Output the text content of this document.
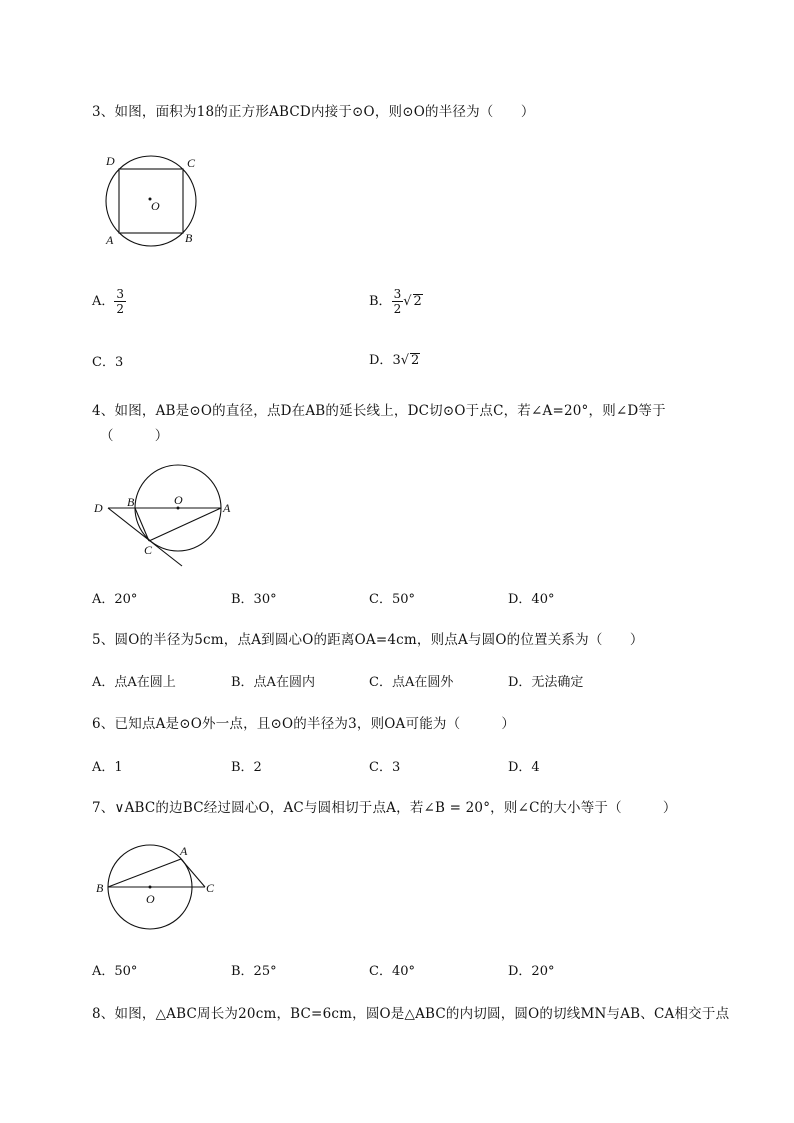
3、如图，面积为18的正方形ABCD内接于⊙O，则⊙O的半径为（　　）
D	C
O
A	B
A． $\frac{3}{2}$	B． $\frac{3}{2}$ √ 2
C．3	D．3√ 2
4、如图，AB是⊙O的直径，点D在AB的延长线上，DC切⊙O于点C，若∠A=20°，则∠D等于
（　　　）
D B	O
A
C
A．20°	B．30°	C．50°	D．40°
5、圆O的半径为5cm，点A到圆心O的距离OA=4cm，则点A与圆O的位置关系为（　　）
A．点A在圆上	B．点A在圆内	C．点A在圆外	D．无法确定
6、已知点A是⊙O外一点，且⊙O的半径为3，则OA可能为（　　　）
A．1	B．2	C．3	D．4
7、∨ABC的边BC经过圆心O，AC与圆相切于点A，若∠B = 20°，则∠C的大小等于（　　　）
A
B
O
C
A．50°	B．25°	C．40°	D．20°
8、如图，△ABC周长为20cm，BC=6cm，圆O是△ABC的内切圆，圆O的切线MN与AB、CA相交于点
